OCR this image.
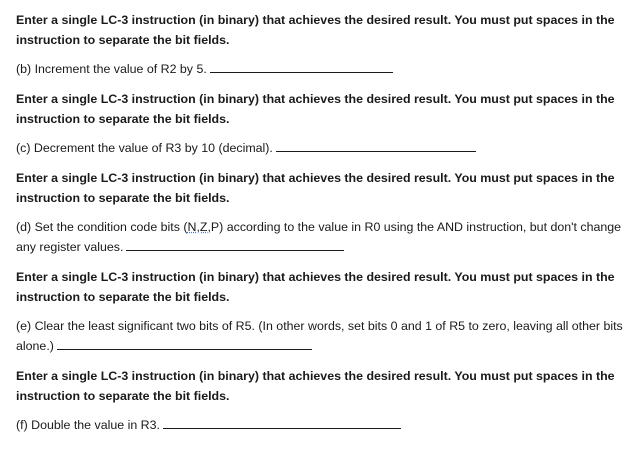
Enter a single LC-3 instruction (in binary) that achieves the desired result. You must put spaces in the instruction to separate the bit fields.

(b) Increment the value of R2 by 5.

Enter a single LC-3 instruction (in binary) that achieves the desired result. You must put spaces in the instruction to separate the bit fields.

(c) Decrement the value of R3 by 10 (decimal).

Enter a single LC-3 instruction (in binary) that achieves the desired result. You must put spaces in the instruction to separate the bit fields.

(d) Set the condition code bits (N,Z,P) according to the value in R0 using the AND instruction, but don't change any register values.

Enter a single LC-3 instruction (in binary) that achieves the desired result. You must put spaces in the instruction to separate the bit fields.

(e) Clear the least significant two bits of R5. (In other words, set bits 0 and 1 of R5 to zero, leaving all other bits alone.)

Enter a single LC-3 instruction (in binary) that achieves the desired result. You must put spaces in the instruction to separate the bit fields.

(f) Double the value in R3.
